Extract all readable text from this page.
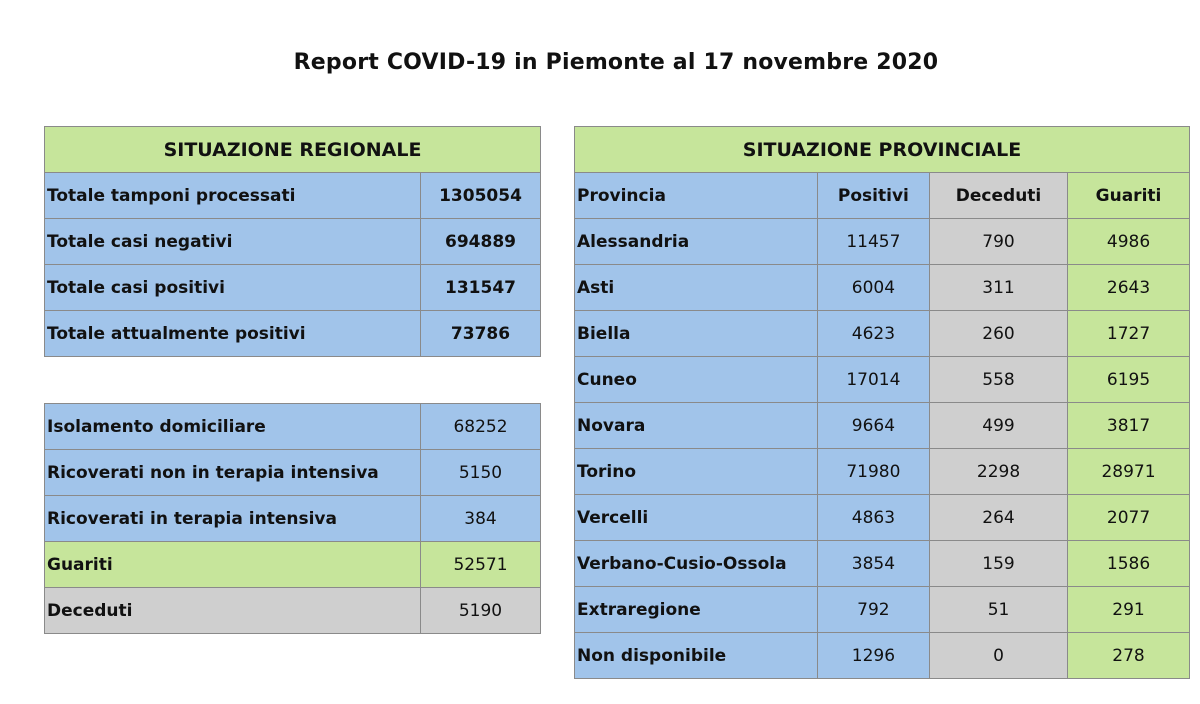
Report COVID-19 in Piemonte al 17 novembre 2020
SITUAZIONE REGIONALE	
Totale tamponi processati	1305054
Totale casi negativi	694889
Totale casi positivi	131547
Totale attualmente positivi	73786
Isolamento domiciliare	68252
Ricoverati non in terapia intensiva	5150
Ricoverati in terapia intensiva	384
Guariti	52571
Deceduti	5190
SITUAZIONE PROVINCIALE			
Provincia	Positivi	Deceduti	Guariti
Alessandria	11457	790	4986
Asti	6004	311	2643
Biella	4623	260	1727
Cuneo	17014	558	6195
Novara	9664	499	3817
Torino	71980	2298	28971
Vercelli	4863	264	2077
Verbano-Cusio-Ossola	3854	159	1586
Extraregione	792	51	291
Non disponibile	1296	0	278
